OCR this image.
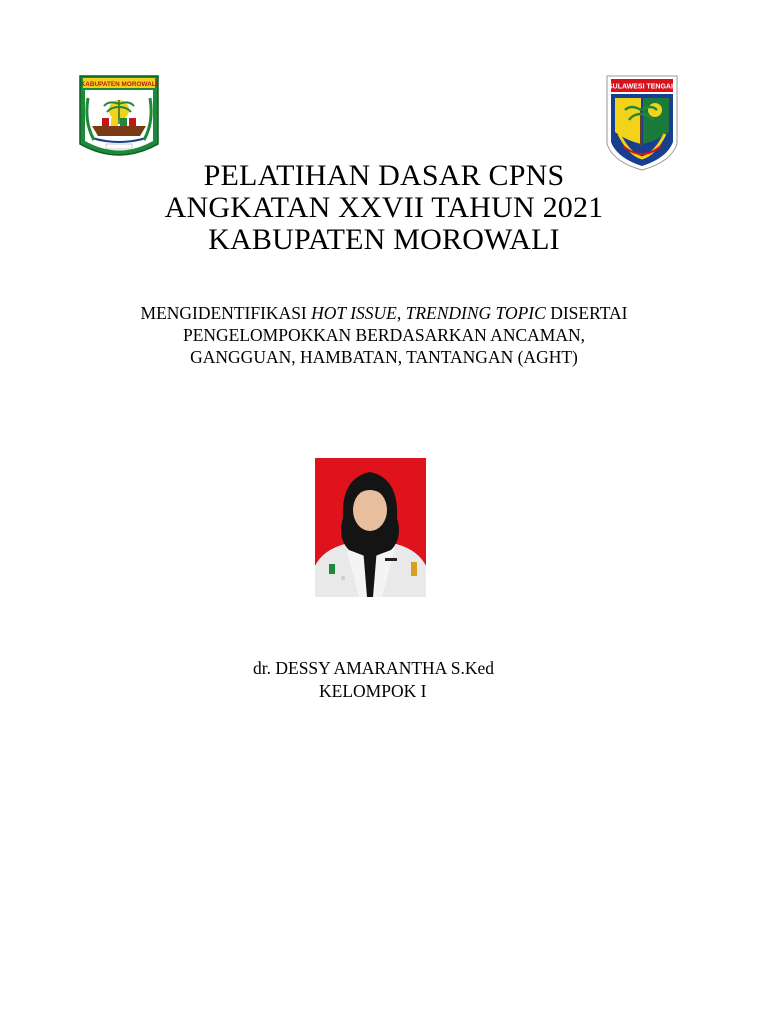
KABUPATEN MOROWALI	SULAWESI TENGAH
PELATIHAN DASAR CPNS
ANGKATAN XXVII TAHUN 2021
KABUPATEN MOROWALI
MENGIDENTIFIKASI HOT ISSUE, TRENDING TOPIC DISERTAI
PENGELOMPOKKAN BERDASARKAN ANCAMAN,
GANGGUAN, HAMBATAN, TANTANGAN (AGHT)
dr. DESSY AMARANTHA S.Ked
KELOMPOK I
